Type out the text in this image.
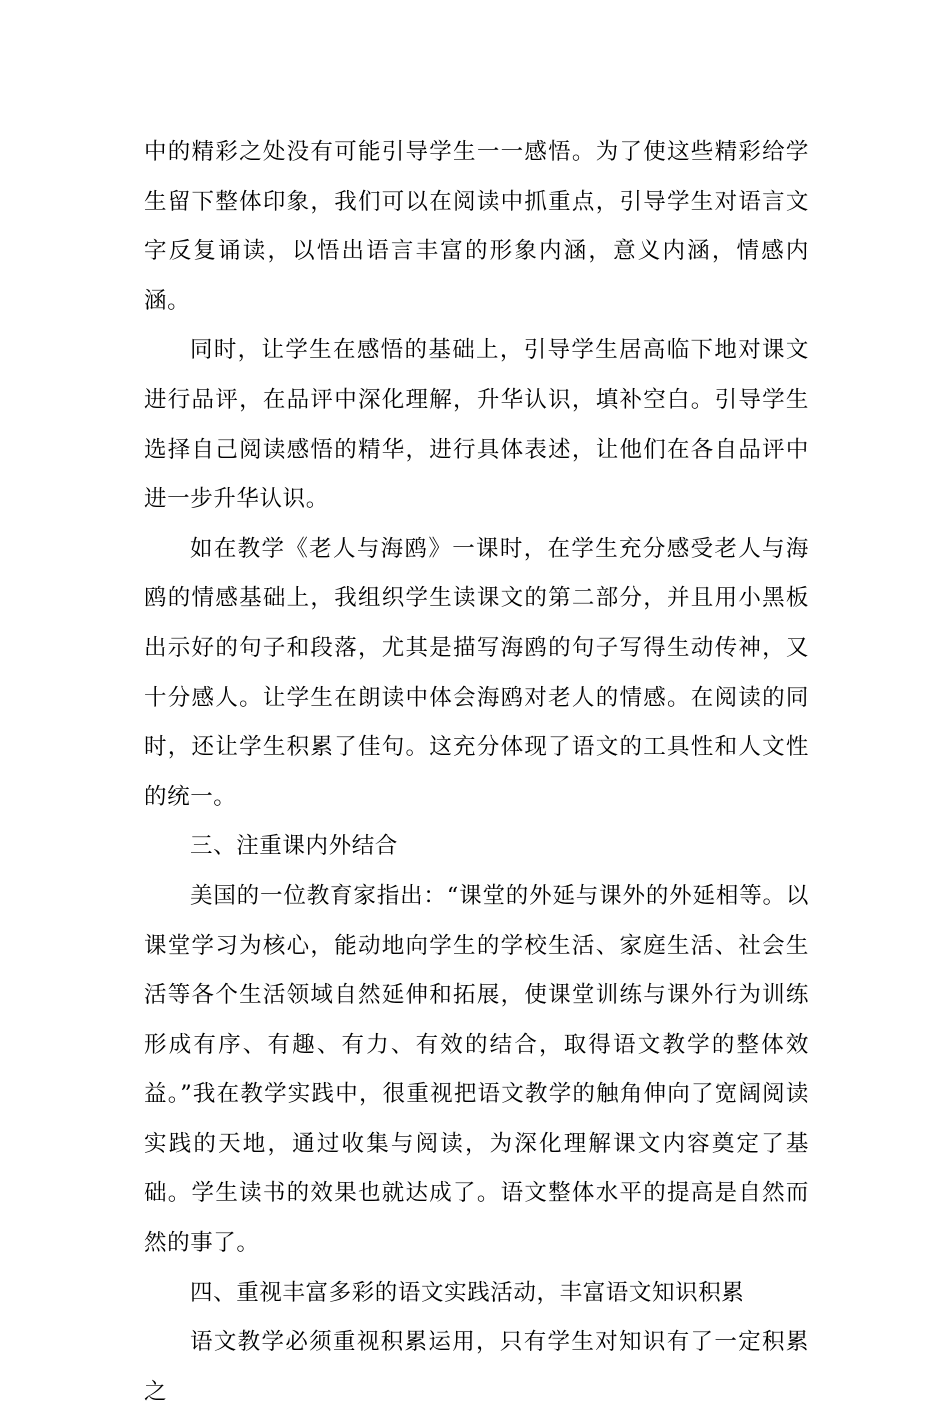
中的精彩之处没有可能引导学生一一感悟。为了使这些精彩给学生留下整体印象，我们可以在阅读中抓重点，引导学生对语言文字反复诵读，以悟出语言丰富的形象内涵，意义内涵，情感内涵。

同时，让学生在感悟的基础上，引导学生居高临下地对课文进行品评，在品评中深化理解，升华认识，填补空白。引导学生选择自己阅读感悟的精华，进行具体表述，让他们在各自品评中进一步升华认识。

如在教学《老人与海鸥》一课时，在学生充分感受老人与海鸥的情感基础上，我组织学生读课文的第二部分，并且用小黑板出示好的句子和段落，尤其是描写海鸥的句子写得生动传神，又十分感人。让学生在朗读中体会海鸥对老人的情感。在阅读的同时，还让学生积累了佳句。这充分体现了语文的工具性和人文性的统一。

三、注重课内外结合

美国的一位教育家指出：“课堂的外延与课外的外延相等。以课堂学习为核心，能动地向学生的学校生活、家庭生活、社会生活等各个生活领域自然延伸和拓展，使课堂训练与课外行为训练形成有序、有趣、有力、有效的结合，取得语文教学的整体效益。”我在教学实践中，很重视把语文教学的触角伸向了宽阔阅读实践的天地，通过收集与阅读，为深化理解课文内容奠定了基础。学生读书的效果也就达成了。语文整体水平的提高是自然而然的事了。

四、重视丰富多彩的语文实践活动，丰富语文知识积累

语文教学必须重视积累运用，只有学生对知识有了一定积累之
